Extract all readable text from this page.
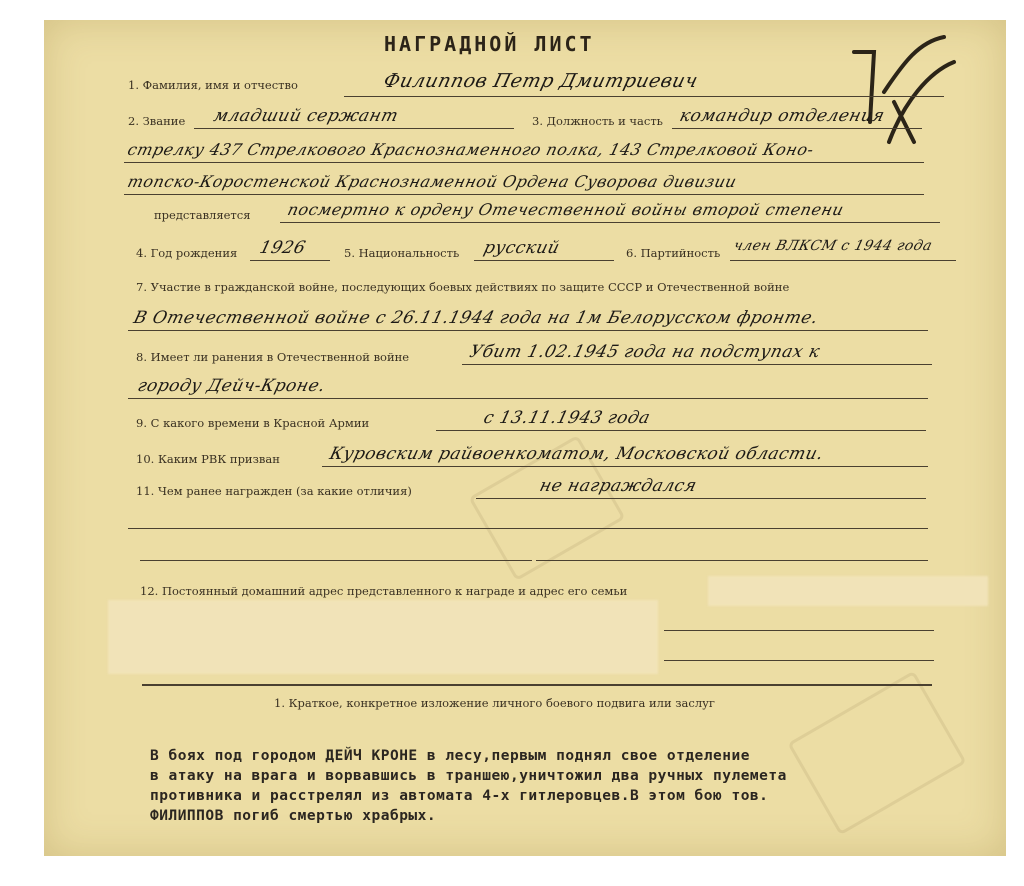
НАГРАДНОЙ ЛИСТ
1. Фамилия, имя и отчество	Филиппов Петр Дмитриевич
2. Звание младший сержант	3. Должность и часть командир отделения
стрелку 437 Стрелкового Краснознаменного полка, 143 Стрелковой Коно-
топско-Коростенской Краснознаменной Ордена Суворова дивизии
представляется посмертно к ордену Отечественной войны второй степени
4. Год рождения 1926	5. Национальность русский	6. Партийность член ВЛКСМ с 1944 года
7. Участие в гражданской войне, последующих боевых действиях по защите СССР и Отечественной войне
В Отечественной войне с 26.11.1944 года на 1м Белорусском фронте.
8. Имеет ли ранения в Отечественной войне	Убит 1.02.1945 года на подступах к
городу Дейч-Кроне.
9. С какого времени в Красной Армии	с 13.11.1943 года
10. Каким РВК призван	Куровским райвоенкоматом, Московской области.
11. Чем ранее награжден (за какие отличия)	не награждался
12. Постоянный домашний адрес представленного к награде и адрес его семьи
1. Краткое, конкретное изложение личного боевого подвига или заслуг
В боях под городом ДЕЙЧ КРОНЕ в лесу,первым поднял свое отделение
в атаку на врага и ворвавшись в траншею,уничтожил два ручных пулемета
противника и расстрелял из автомата 4-х гитлеровцев.В этом бою тов.
ФИЛИППОВ погиб смертью храбрых.
